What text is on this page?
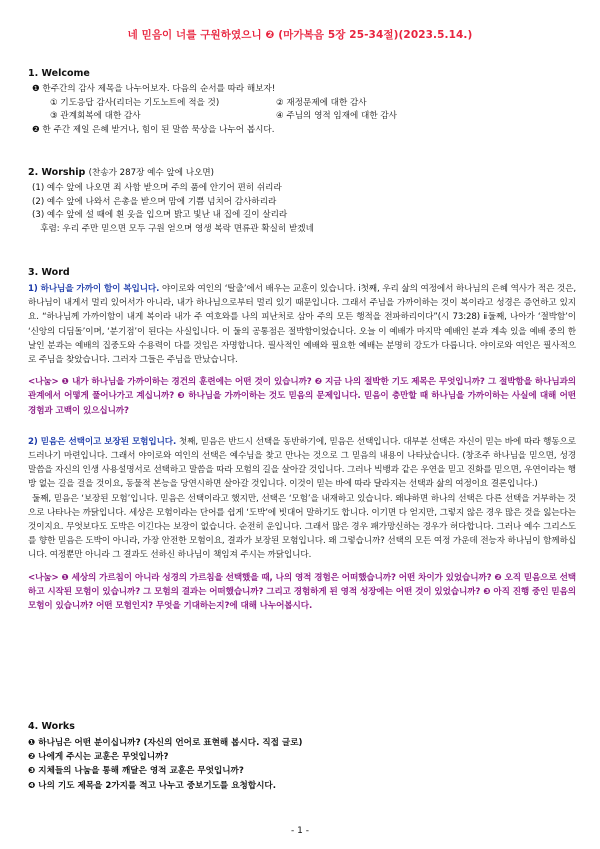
네 믿음이 너를 구원하였으니 ❷ (마가복음 5장 25-34절)(2023.5.14.)
1. Welcome
❶ 한주간의 감사 제목을 나누어보자. 다음의 순서를 따라 해보자!
① 기도응답 감사(리더는 기도노트에 적을 것)	② 재정문제에 대한 감사
③ 관계회복에 대한 감사	④ 주님의 영적 임재에 대한 감사
❷ 한 주간 제일 은혜 받거나, 힘이 된 말씀 묵상을 나누어 봅시다.
2. Worship (찬송가 287장 예수 앞에 나오면)
(1) 예수 앞에 나오면 죄 사함 받으며 주의 품에 안기어 편히 쉬리라
(2) 예수 앞에 나와서 은총을 받으며 맘에 기쁨 넘치어 감사하리라
(3) 예수 앞에 설 때에 흰 옷을 입으며 밝고 빛난 내 집에 길이 살리라
후렴: 우리 주만 믿으면 모두 구원 얻으며 영생 복락 면류관 확실히 받겠네
3. Word
1) 하나님을 가까이 함이 복입니다. 야이로와 여인의 ‘탈출’에서 배우는 교훈이 있습니다. ⅰ첫째, 우리 삶의 여정에서 하나님의 은혜 역사가 적은 것은, 하나님이 내게서 멀리 있어서가 아니라, 내가 하나님으로부터 멀리 있기 때문입니다. 그래서 주님을 가까이하는 것이 복이라고 성경은 증언하고 있지요. “하나님께 가까이함이 내게 복이라 내가 주 여호와를 나의 피난처로 삼아 주의 모든 행적을 전파하리이다”(시 73:28) ⅱ둘째, 나아가 ‘절박함’이 ‘신앙의 디딤돌’이며, ‘분기점’이 된다는 사실입니다. 이 둘의 공통점은 절박함이었습니다. 오늘 이 예배가 마지막 예배인 분과 계속 있을 예배 중의 한 날인 분과는 예배의 집중도와 수용력이 다를 것임은 자명합니다. 필사적인 예배와 필요한 예배는 분명히 강도가 다릅니다. 야이로와 여인은 필사적으로 주님을 찾았습니다. 그러자 그들은 주님을 만났습니다.
<나눔> ❶ 내가 하나님을 가까이하는 경건의 훈련에는 어떤 것이 있습니까? ❷ 지금 나의 절박한 기도 제목은 무엇입니까? 그 절박함을 하나님과의 관계에서 어떻게 풀어나가고 계십니까? ❸ 하나님을 가까이하는 것도 믿음의 문제입니다. 믿음이 충만할 때 하나님을 가까이하는 사실에 대해 어떤 경험과 고백이 있으십니까?
2) 믿음은 선택이고 보장된 모험입니다. 첫째, 믿음은 반드시 선택을 동반하기에, 믿음은 선택입니다. 대부분 선택은 자신이 믿는 바에 따라 행동으로 드러나기 마련입니다. 그래서 야이로와 여인의 선택은 예수님을 찾고 만나는 것으로 그 믿음의 내용이 나타났습니다. (창조주 하나님을 믿으면, 성경 말씀을 자신의 인생 사용설명서로 선택하고 말씀을 따라 모험의 길을 살아갈 것입니다. 그러나 빅뱅과 같은 우연을 믿고 진화를 믿으면, 우연이라는 행방 없는 길을 걸을 것이요, 동물적 본능을 당연시하면 살아갈 것입니다. 이것이 믿는 바에 따라 달라지는 선택과 삶의 여정이요 결론입니다.)
둘째, 믿음은 ‘보장된 모험’입니다. 믿음은 선택이라고 했지만, 선택은 ‘모험’을 내재하고 있습니다. 왜냐하면 하나의 선택은 다른 선택을 거부하는 것으로 나타나는 까닭입니다. 세상은 모험이라는 단어를 쉽게 ‘도박’에 빗대어 말하기도 합니다. 이기면 다 얻지만, 그렇지 않은 경우 많은 것을 잃는다는 것이지요. 무엇보다도 도박은 이긴다는 보장이 없습니다. 순전히 운입니다. 그래서 많은 경우 패가망신하는 경우가 허다합니다. 그러나 예수 그리스도를 향한 믿음은 도박이 아니라, 가장 안전한 모험이요, 결과가 보장된 모험입니다. 왜 그렇습니까? 선택의 모든 여정 가운데 전능자 하나님이 함께하십니다. 여정뿐만 아니라 그 결과도 선하신 하나님이 책임져 주시는 까닭입니다.
<나눔> ❶ 세상의 가르침이 아니라 성경의 가르침을 선택했을 때, 나의 영적 경험은 어떠했습니까? 어떤 차이가 있었습니까? ❷ 오직 믿음으로 선택하고 시작된 모험이 있습니까? 그 모험의 결과는 어떠했습니까? 그리고 경험하게 된 영적 성장에는 어떤 것이 있었습니까? ❸ 아직 진행 중인 믿음의 모험이 있습니까? 어떤 모험인지? 무엇을 기대하는지?에 대해 나누어봅시다.
4. Works
❶ 하나님은 어떤 분이십니까? (자신의 언어로 표현해 봅시다. 직접 글로)
❷ 나에게 주시는 교훈은 무엇입니까?
❸ 지체들의 나눔을 통해 깨달은 영적 교훈은 무엇입니까?
❹ 나의 기도 제목을 2가지를 적고 나누고 중보기도를 요청합시다.
- 1 -
